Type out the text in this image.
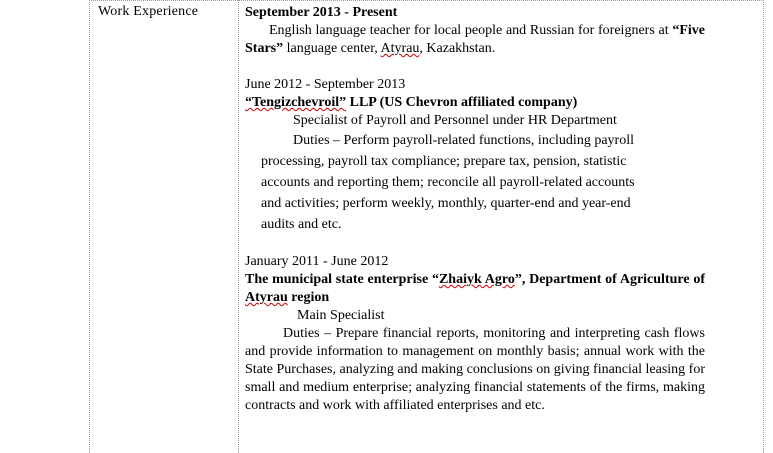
Work Experience	September 2013 - Present
English language teacher for local people and Russian for foreigners at “Five Stars” language center, Atyrau, Kazakhstan.
June 2012 - September 2013
“Tengizchevroil” LLP (US Chevron affiliated company)
Specialist of Payroll and Personnel under HR Department
Duties – Perform payroll-related functions, including payroll
processing, payroll tax compliance; prepare tax, pension, statistic
accounts and reporting them; reconcile all payroll-related accounts
and activities; perform weekly, monthly, quarter-end and year-end
audits and etc.
January 2011 - June 2012
The municipal state enterprise “Zhaiyk Agro”, Department of Agriculture of Atyrau region
Main Specialist
Duties – Prepare financial reports, monitoring and interpreting cash flows and provide information to management on monthly basis; annual work with the State Purchases, analyzing and making conclusions on giving financial leasing for small and medium enterprise; analyzing financial statements of the firms, making contracts and work with affiliated enterprises and etc.
